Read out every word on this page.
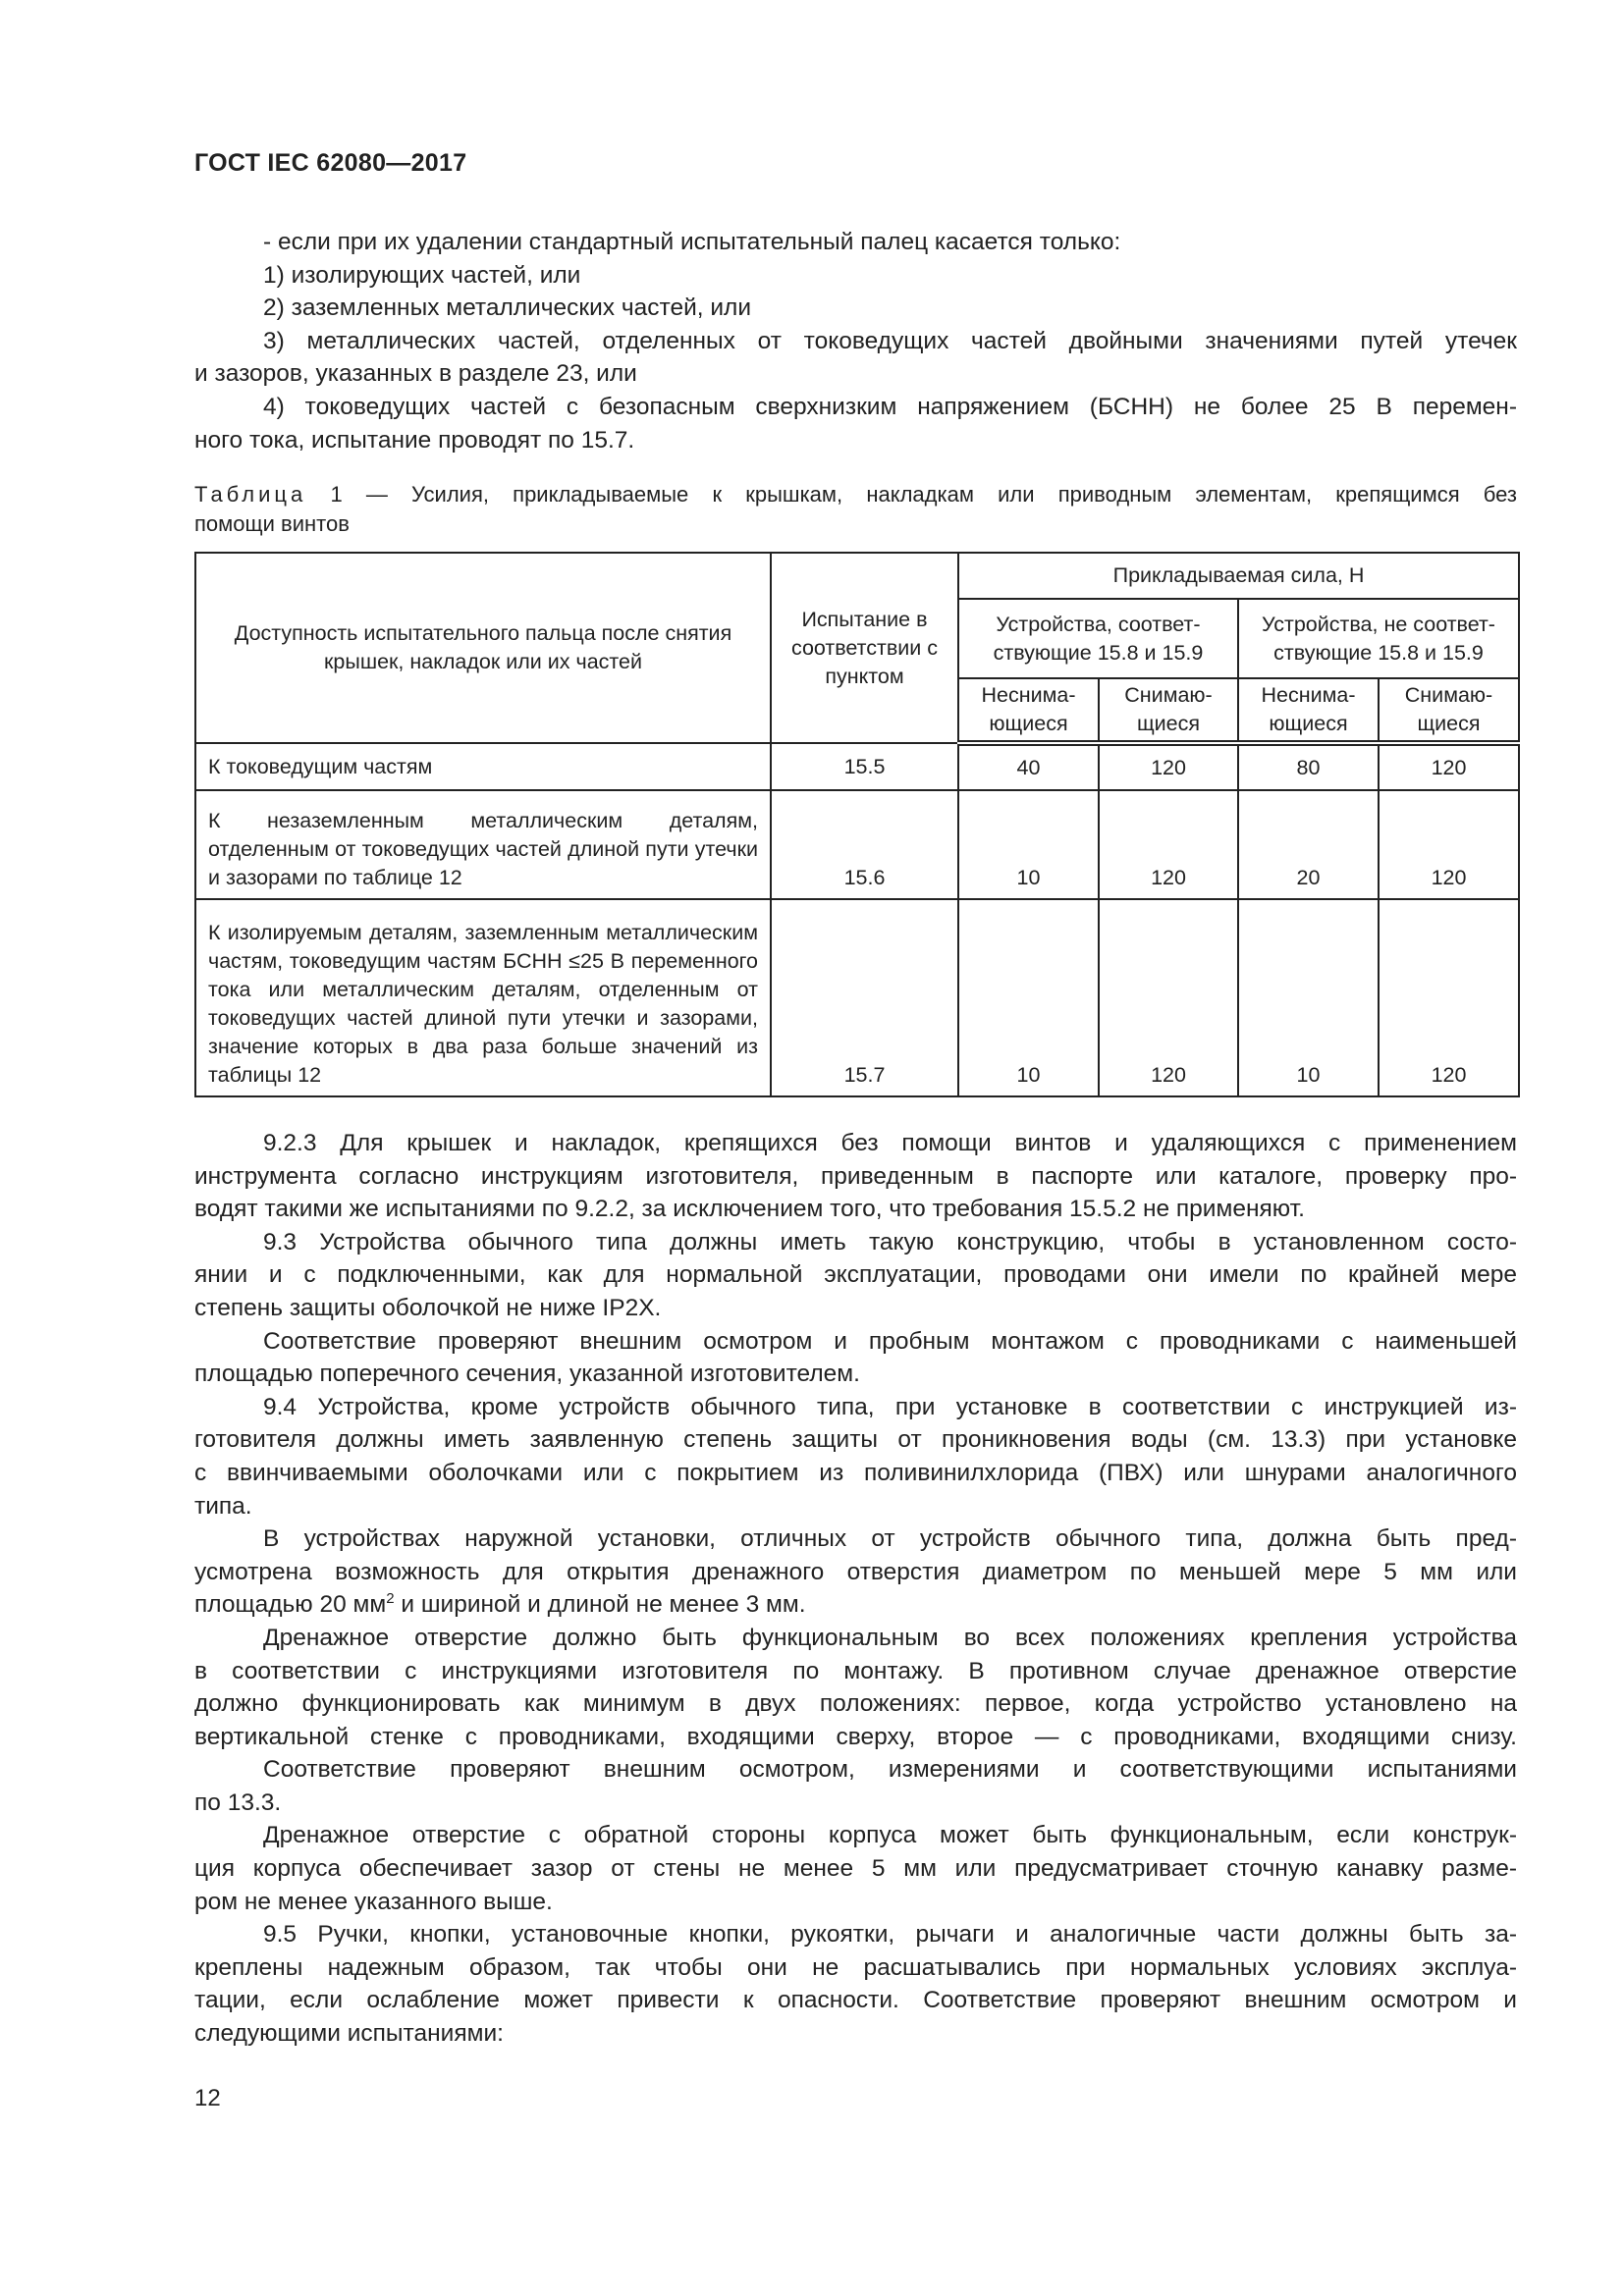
ГОСТ IEC 62080—2017
- если при их удалении стандартный испытательный палец касается только:
1) изолирующих частей, или
2) заземленных металлических частей, или
3) металлических частей, отделенных от токоведущих частей двойными значениями путей утечек
и зазоров, указанных в разделе 23, или
4) токоведущих частей с безопасным сверхнизким напряжением (БСНН) не более 25 В перемен-
ного тока, испытание проводят по 15.7.
Таблица 1 — Усилия, прикладываемые к крышкам, накладкам или приводным элементам, крепящимся без
помощи винтов
Доступность испытательного пальца после снятия крышек, накладок или их частей	Испытание в соответствии с пунктом	Прикладываемая сила, Н			
		Устройства, соответ-ствующие 15.8 и 15.9		Устройства, не соответ-ствующие 15.8 и 15.9	
		Неснима-ющиеся	Снимаю-щиеся	Неснима-ющиеся	Снимаю-щиеся
К токоведущим частям	15.5	40	120	80	120
К незаземленным металлическим деталям, отделенным от токоведущих частей длиной пути утечки и зазорами по таблице 12	15.6	10	120	20	120
К изолируемым деталям, заземленным металлическим частям, токоведущим частям БСНН ≤25 В переменного тока или металлическим деталям, отделенным от токоведущих частей длиной пути утечки и зазорами, значение которых в два раза больше значений из таблицы 12	15.7	10	120	10	120
9.2.3 Для крышек и накладок, крепящихся без помощи винтов и удаляющихся с применением
инструмента согласно инструкциям изготовителя, приведенным в паспорте или каталоге, проверку про-
водят такими же испытаниями по 9.2.2, за исключением того, что требования 15.5.2 не применяют.
9.3 Устройства обычного типа должны иметь такую конструкцию, чтобы в установленном состо-
янии и с подключенными, как для нормальной эксплуатации, проводами они имели по крайней мере
степень защиты оболочкой не ниже IP2X.
Соответствие проверяют внешним осмотром и пробным монтажом с проводниками с наименьшей
площадью поперечного сечения, указанной изготовителем.
9.4 Устройства, кроме устройств обычного типа, при установке в соответствии с инструкцией из-
готовителя должны иметь заявленную степень защиты от проникновения воды (см. 13.3) при установке
с ввинчиваемыми оболочками или с покрытием из поливинилхлорида (ПВХ) или шнурами аналогичного
типа.
В устройствах наружной установки, отличных от устройств обычного типа, должна быть пред-
усмотрена возможность для открытия дренажного отверстия диаметром по меньшей мере 5 мм или
площадью 20 $мм^2$ и шириной и длиной не менее 3 мм.
Дренажное отверстие должно быть функциональным во всех положениях крепления устройства
в соответствии с инструкциями изготовителя по монтажу. В противном случае дренажное отверстие
должно функционировать как минимум в двух положениях: первое, когда устройство установлено на
вертикальной стенке с проводниками, входящими сверху, второе — с проводниками, входящими снизу.
Соответствие проверяют внешним осмотром, измерениями и соответствующими испытаниями
по 13.3.
Дренажное отверстие с обратной стороны корпуса может быть функциональным, если конструк-
ция корпуса обеспечивает зазор от стены не менее 5 мм или предусматривает сточную канавку разме-
ром не менее указанного выше.
9.5 Ручки, кнопки, установочные кнопки, рукоятки, рычаги и аналогичные части должны быть за-
креплены надежным образом, так чтобы они не расшатывались при нормальных условиях эксплуа-
тации, если ослабление может привести к опасности. Соответствие проверяют внешним осмотром и
следующими испытаниями:
12
